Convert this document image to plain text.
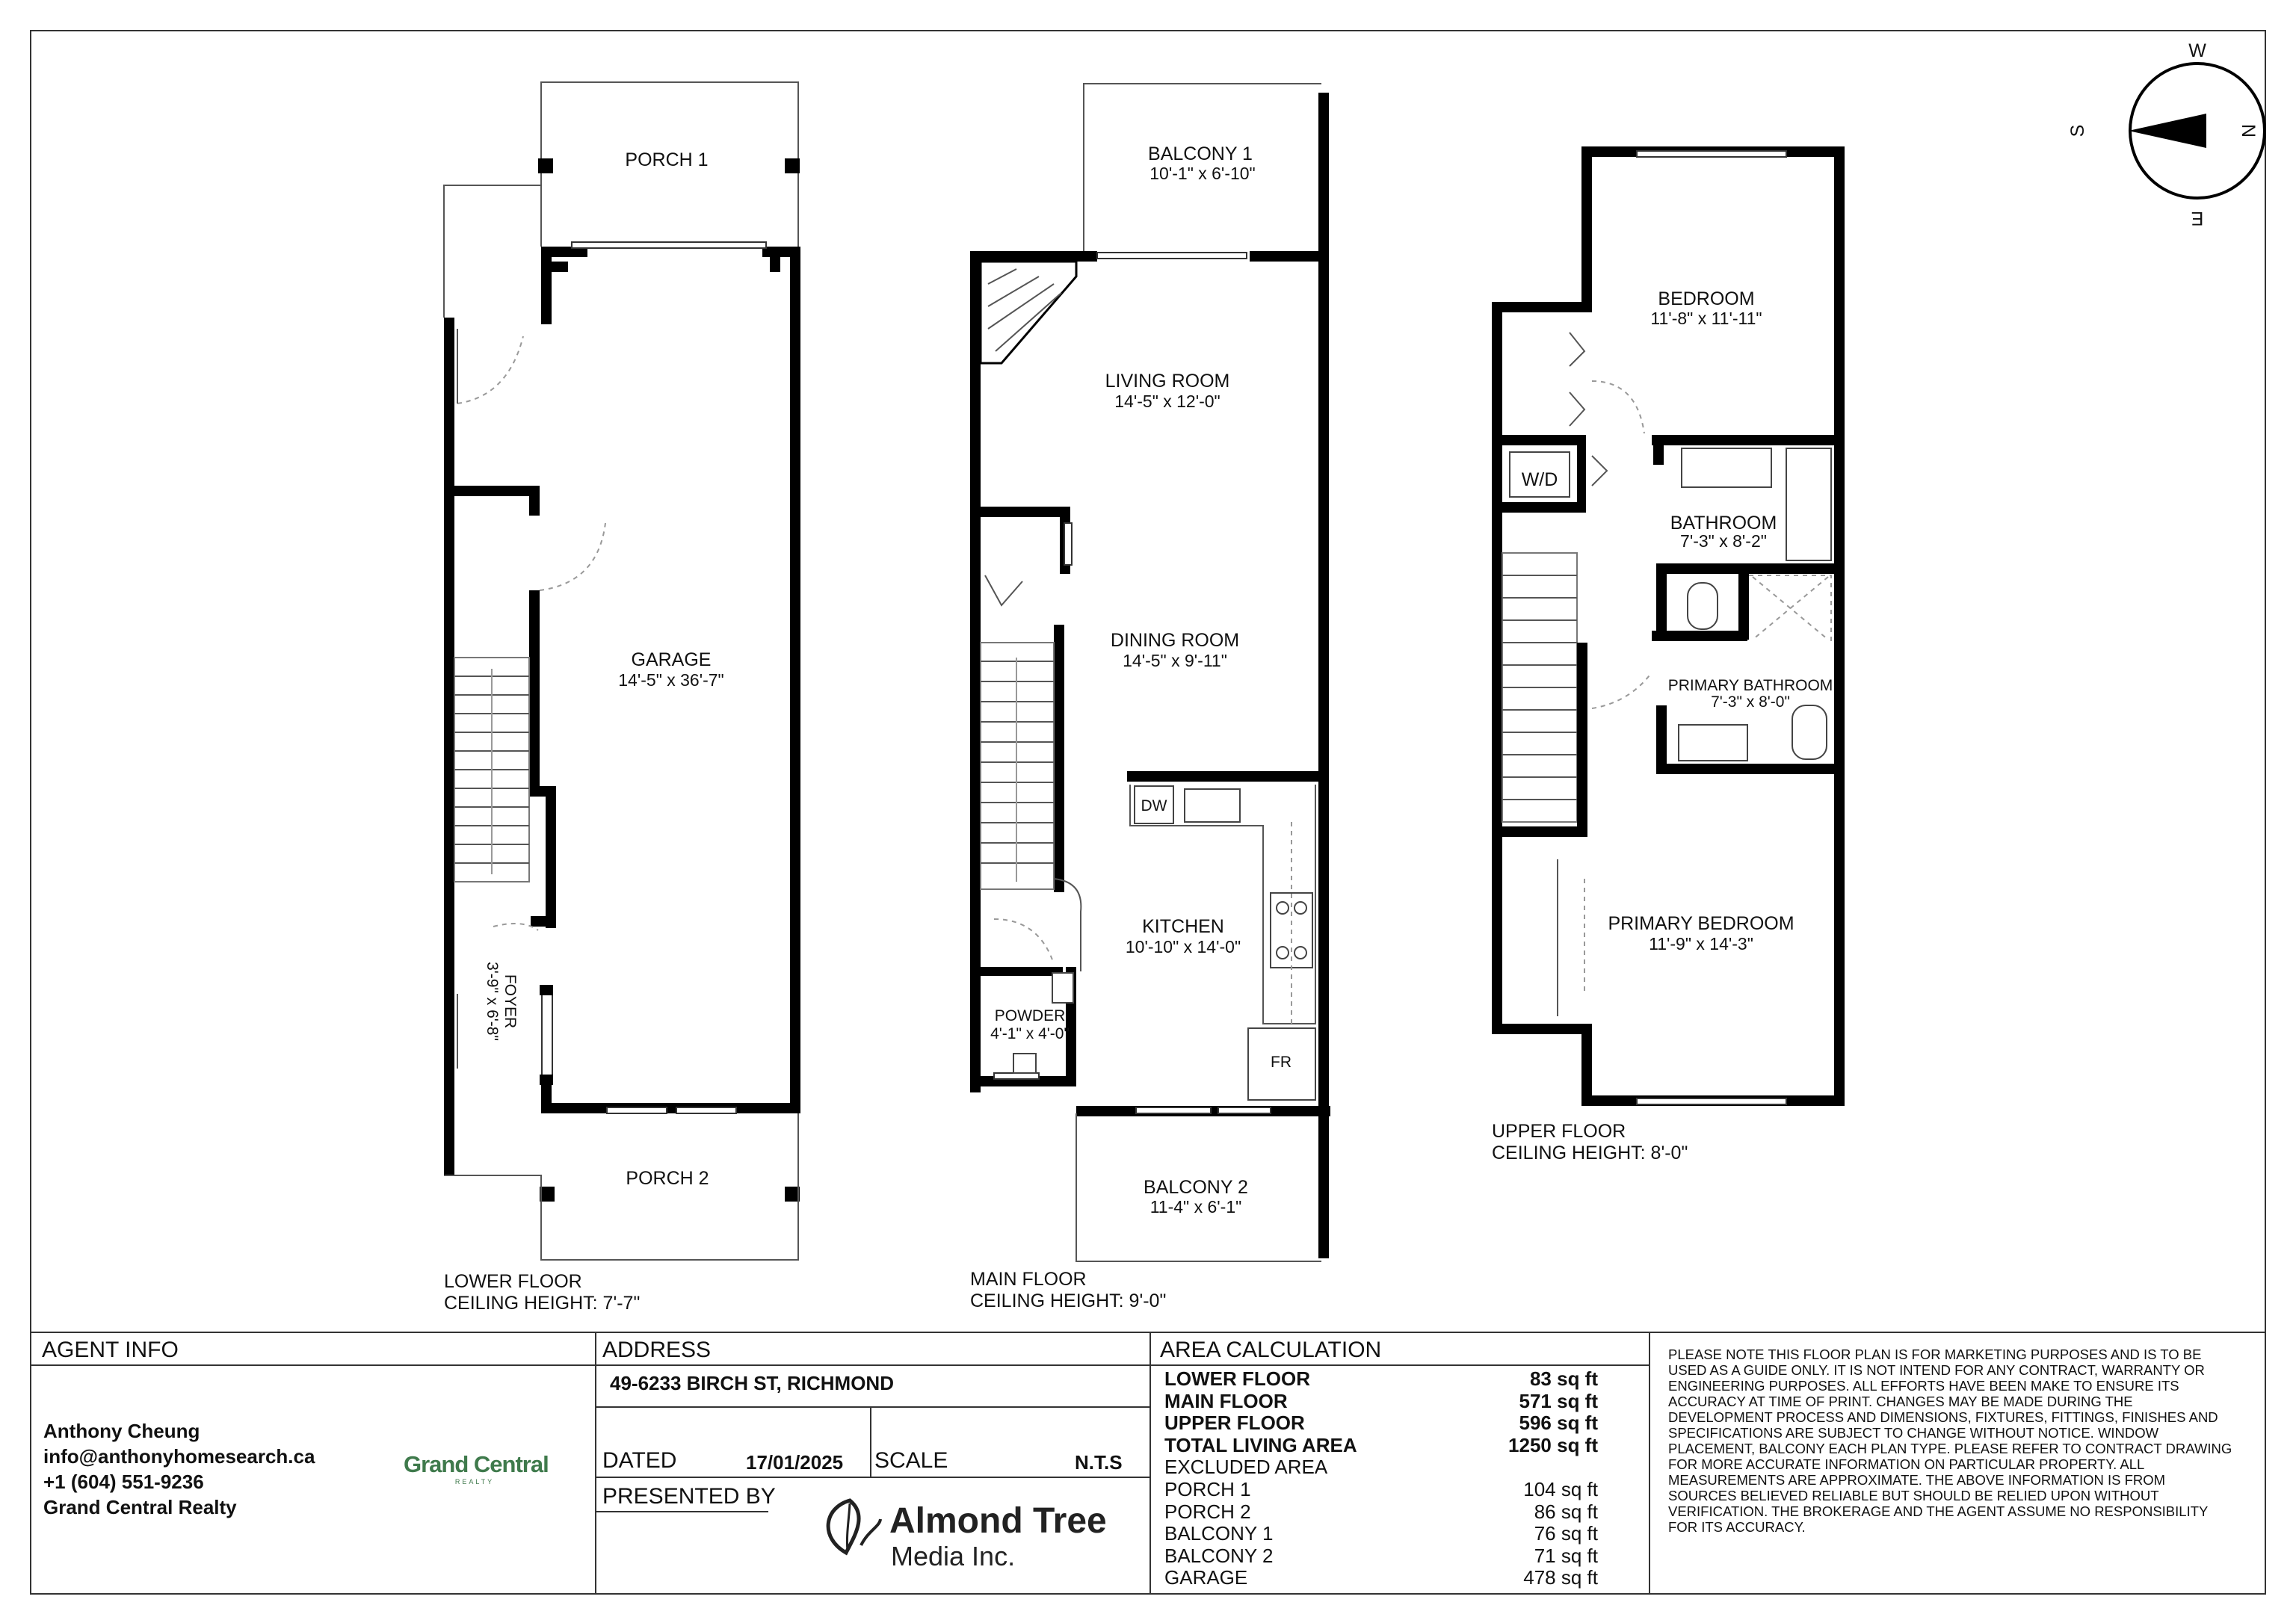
W
N
E
S
PORCH 1
GARAGE
14'-5" x 36'-7"
FOYER
3'-9" x 6'-8"
PORCH 2
LOWER FLOOR
CEILING HEIGHT: 7'-7"
DW
FR
BALCONY 1
10'-1" x 6'-10"
LIVING ROOM
14'-5" x 12'-0"
DINING ROOM
14'-5" x 9'-11"
KITCHEN
10'-10" x 14'-0"
POWDER
4'-1" x 4'-0"
BALCONY 2
11-4" x 6'-1"
MAIN FLOOR
CEILING HEIGHT: 9'-0"
BEDROOM
11'-8" x 11'-11"
W/D
BATHROOM
7'-3" x 8'-2"
PRIMARY BATHROOM
7'-3" x 8'-0"
PRIMARY BEDROOM
11'-9" x 14'-3"
UPPER FLOOR
CEILING HEIGHT: 8'-0"
AGENT INFO
Anthony Cheung
info@anthonyhomesearch.ca
+1 (604) 551-9236
Grand Central Realty
Grand Central
REALTY
ADDRESS
49-6233 BIRCH ST, RICHMOND
DATED	17/01/2025 SCALE	N.T.S
PRESENTED BY
Almond Tree
Media Inc.
AREA CALCULATION
LOWER FLOOR	83 sq ft
MAIN FLOOR	571 sq ft
UPPER FLOOR	596 sq ft
TOTAL LIVING AREA	1250 sq ft
EXCLUDED AREA
PORCH 1	104 sq ft
PORCH 2	86 sq ft
BALCONY 1	76 sq ft
BALCONY 2	71 sq ft
GARAGE	478 sq ft
PLEASE NOTE THIS FLOOR PLAN IS FOR MARKETING PURPOSES AND IS TO BE USED AS A GUIDE ONLY. IT IS NOT INTEND FOR ANY CONTRACT, WARRANTY OR ENGINEERING PURPOSES. ALL EFFORTS HAVE BEEN MAKE TO ENSURE ITS ACCURACY AT TIME OF PRINT. CHANGES MAY BE MADE DURING THE DEVELOPMENT PROCESS AND DIMENSIONS, FIXTURES, FITTINGS, FINISHES AND SPECIFICATIONS ARE SUBJECT TO CHANGE WITHOUT NOTICE. WINDOW PLACEMENT, BALCONY EACH PLAN TYPE. PLEASE REFER TO CONTRACT DRAWING FOR MORE ACCURATE INFORMATION ON PARTICULAR PROPERTY. ALL MEASUREMENTS ARE APPROXIMATE. THE ABOVE INFORMATION IS FROM SOURCES BELIEVED RELIABLE BUT SHOULD BE RELIED UPON WITHOUT VERIFICATION. THE BROKERAGE AND THE AGENT ASSUME NO RESPONSIBILITY FOR ITS ACCURACY.
